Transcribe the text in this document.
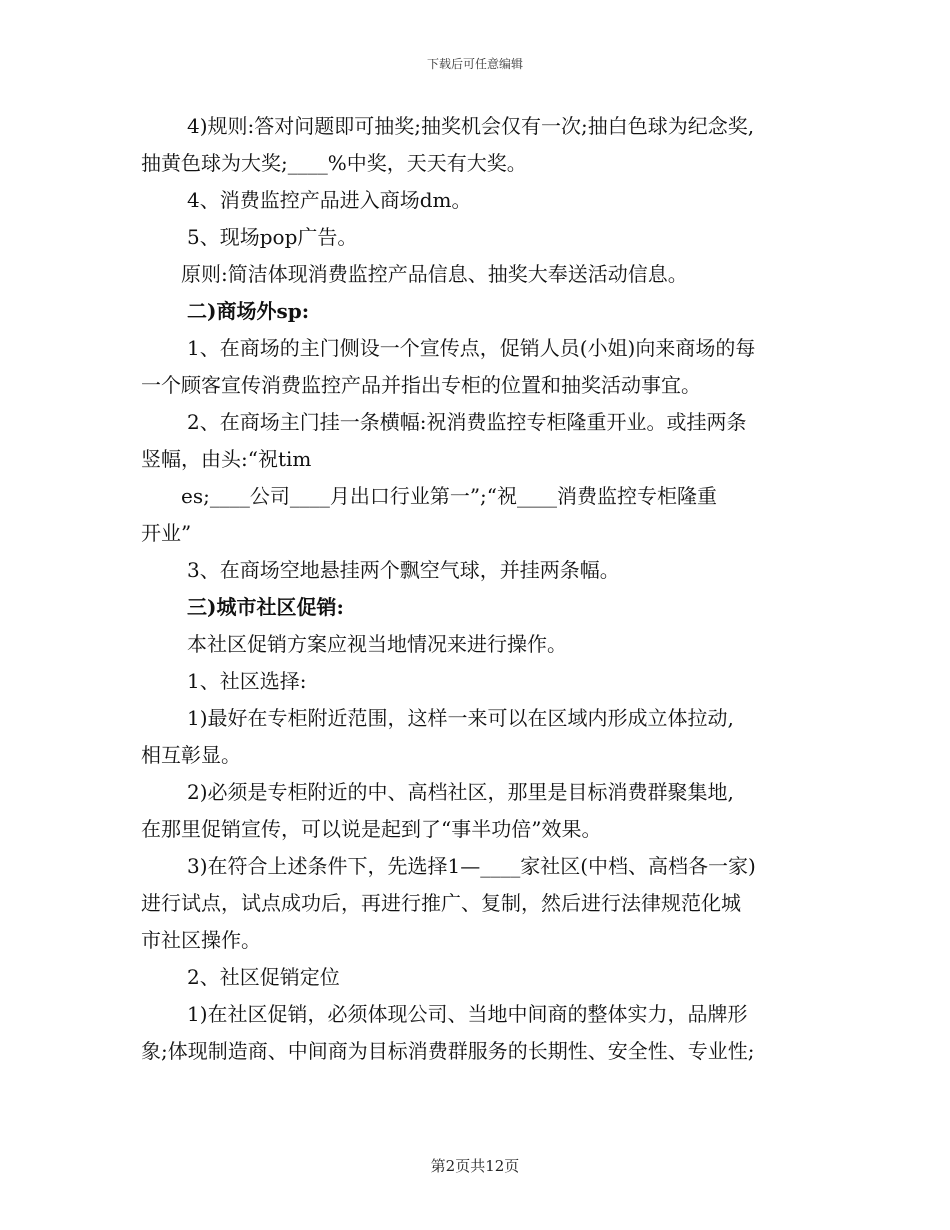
下载后可任意编辑
4)规则:答对问题即可抽奖;抽奖机会仅有一次;抽白色球为纪念奖,
抽黄色球为大奖;____%中奖，天天有大奖。
4、消费监控产品进入商场dm。
5、现场pop广告。
原则:简洁体现消费监控产品信息、抽奖大奉送活动信息。
二)商场外sp:
1、在商场的主门侧设一个宣传点，促销人员(小姐)向来商场的每
一个顾客宣传消费监控产品并指出专柜的位置和抽奖活动事宜。
2、在商场主门挂一条横幅:祝消费监控专柜隆重开业。或挂两条
竖幅，由头:“祝tim
es;____公司____月出口行业第一”;“祝____消费监控专柜隆重
开业”
3、在商场空地悬挂两个飘空气球，并挂两条幅。
三)城市社区促销:
本社区促销方案应视当地情况来进行操作。
1、社区选择:
1)最好在专柜附近范围，这样一来可以在区域内形成立体拉动,
相互彰显。
2)必须是专柜附近的中、高档社区，那里是目标消费群聚集地,
在那里促销宣传，可以说是起到了“事半功倍”效果。
3)在符合上述条件下，先选择1—____家社区(中档、高档各一家)
进行试点，试点成功后，再进行推广、复制，然后进行法律规范化城
市社区操作。
2、社区促销定位
1)在社区促销，必须体现公司、当地中间商的整体实力，品牌形
象;体现制造商、中间商为目标消费群服务的长期性、安全性、专业性;
第2页共12页
